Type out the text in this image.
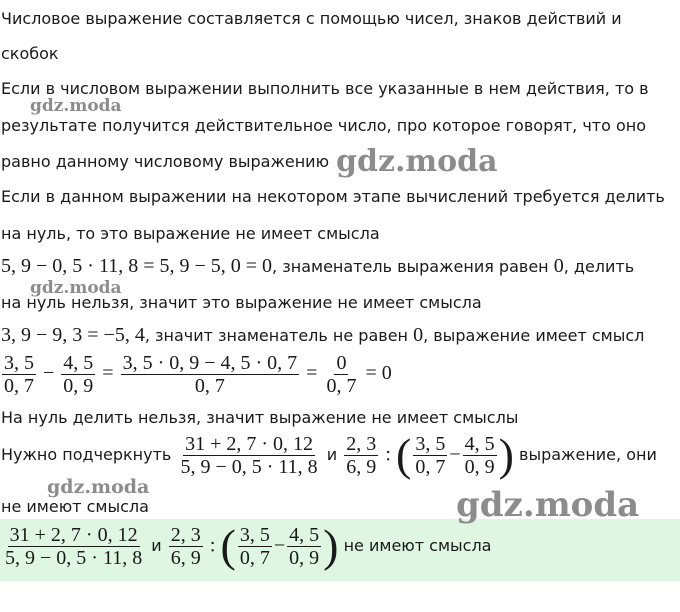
Числовое выражение составляется с помощью чисел, знаков действий и
скобок
Если в числовом выражении выполнить все указанные в нем действия, то в
результате получится действительное число, про которое говорят, что оно
равно данному числовому выражению
Если в данном выражении на некотором этапе вычислений требуется делить
на нуль, то это выражение не имеет смысла
5, 9 − 0, 5 · 11, 8 = 5, 9 − 5, 0 = 0, знаменатель выражения равен 0, делить
на нуль нельзя, значит это выражение не имеет смысла
3, 9 − 9, 3 = −5, 4, значит знаменатель не равен 0, выражение имеет смысл
$\frac{3, 5}{0, 7} - \frac{4, 5}{0, 9} = \frac{3, 5 \cdot 0, 9 - 4, 5 \cdot 0, 7}{0, 7} = \frac{0}{0, 7} = 0$
На нуль делить нельзя, значит выражение не имеет смыслы
Нужно подчеркнуть $\frac{31 + 2, 7 \cdot 0, 12}{5, 9 - 0, 5 \cdot 11, 8}$ и $\frac{2, 3}{6, 9}$ : ( $\frac{3, 5}{0, 7} - \frac{4, 5}{0, 9}$ ) выражение, они
не имеют смысла
$\frac{31 + 2, 7 \cdot 0, 12}{5, 9 - 0, 5 \cdot 11, 8}$ и $\frac{2, 3}{6, 9}$ : ( $\frac{3, 5}{0, 7} - \frac{4, 5}{0, 9}$ ) не имеют смысла
gdz.moda
gdz.moda
gdz.moda
gdz.moda	gdz.moda
